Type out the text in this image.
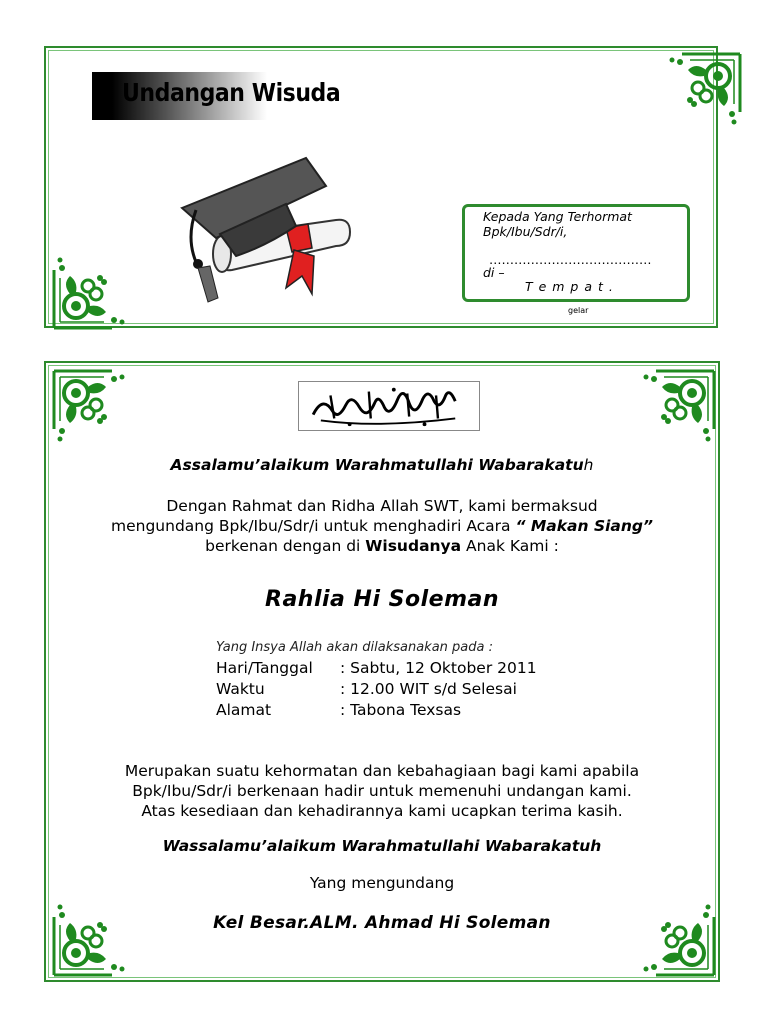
Undangan Wisuda
Kepada Yang Terhormat
Bpk/Ibu/Sdr/i,
…………………………………
di –
T e m p a t .
gelar
Assalamu’alaikum Warahmatullahi Wabarakatuh
Dengan Rahmat dan Ridha Allah SWT, kami bermaksud
mengundang Bpk/Ibu/Sdr/i untuk menghadiri Acara “ Makan Siang”
berkenan dengan di Wisudanya Anak Kami :
Rahlia Hi Soleman
Yang Insya Allah akan dilaksanakan pada :
Hari/Tanggal : Sabtu, 12 Oktober 2011
Waktu	: 12.00 WIT s/d Selesai
Alamat	: Tabona Texsas
Merupakan suatu kehormatan dan kebahagiaan bagi kami apabila
Bpk/Ibu/Sdr/i berkenaan hadir untuk memenuhi undangan kami.
Atas kesediaan dan kehadirannya kami ucapkan terima kasih.
Wassalamu’alaikum Warahmatullahi Wabarakatuh
Yang mengundang
Kel Besar.ALM. Ahmad Hi Soleman
